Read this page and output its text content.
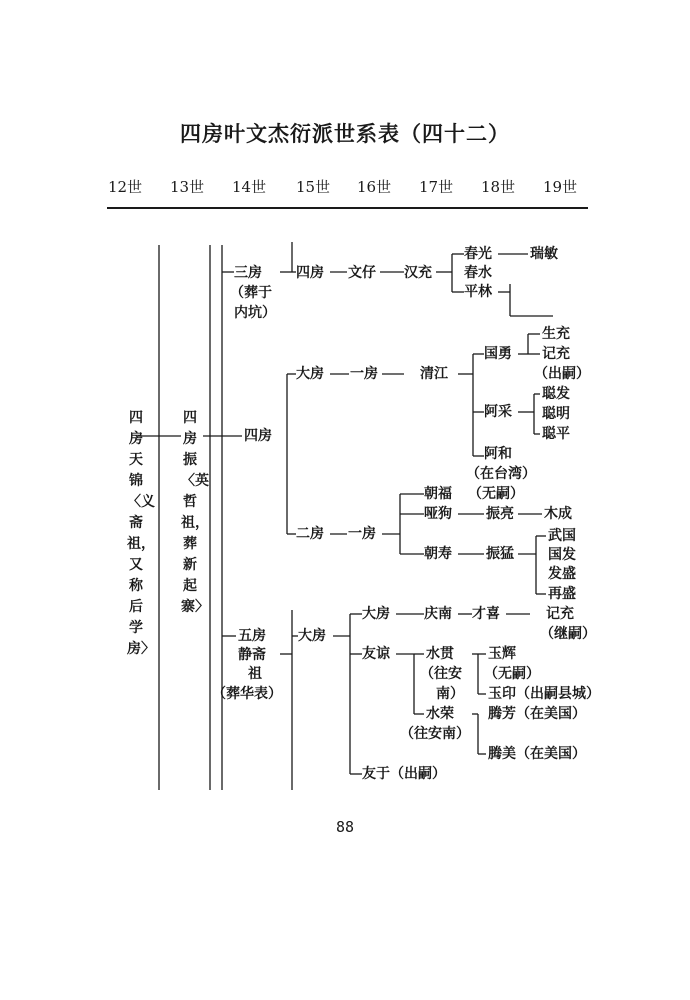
四房叶文杰衍派世系表（四十二）
12世 13世 14世 15世 16世 17世 18世 19世
四房天锦〈义斋祖，又称后学房〉
四房振〈英哲祖，葬新起寨〉
三房
（葬于
内坑）
四房
五房
静斋
祖
（葬华表）
四房 文仔 汉充
春光	瑞敏
春水
平林
大房 一房	清江
国勇
生充
记充
（出嗣）
阿采
聪发
聪明
聪平
阿和
（在台湾）
二房 一房
朝福 （无嗣）
哑狗 振亮 木成
朝寿 振猛
武国
国发
发盛
再盛
大房
大房 庆南 才喜	记充
（继嗣）
友谅	水贯
（往安
南）
玉辉
（无嗣）
玉印（出嗣县城）
水荣
（往安南）
腾芳（在美国）
腾美（在美国）
友于（出嗣）
88
